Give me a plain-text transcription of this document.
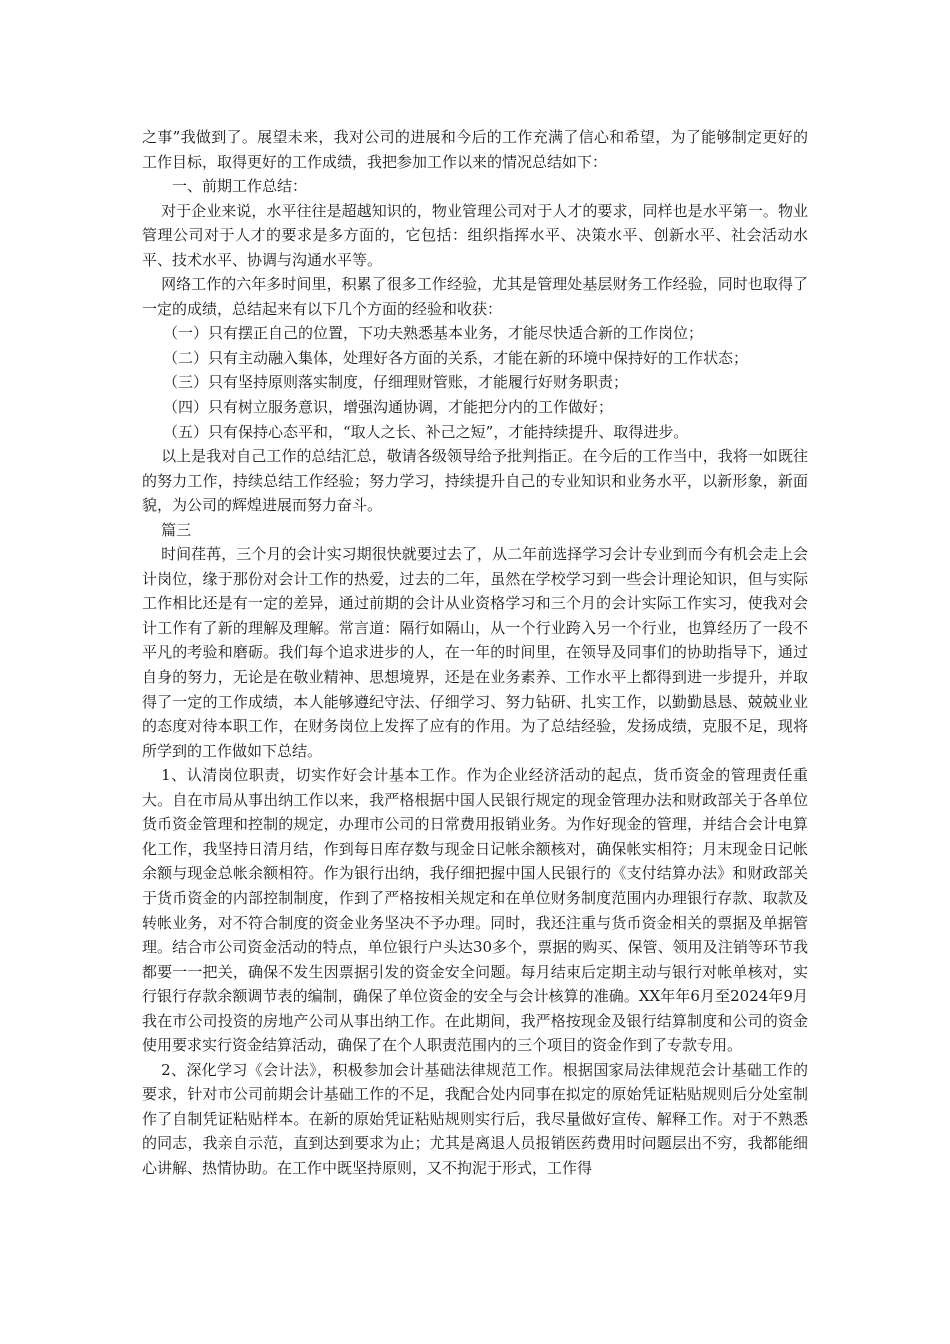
之事”我做到了。展望未来，我对公司的进展和今后的工作充满了信心和希望，为了能够制定更好的工作目标，取得更好的工作成绩，我把参加工作以来的情况总结如下：

一、前期工作总结：

对于企业来说，水平往往是超越知识的，物业管理公司对于人才的要求，同样也是水平第一。物业管理公司对于人才的要求是多方面的，它包括：组织指挥水平、决策水平、创新水平、社会活动水平、技术水平、协调与沟通水平等。

网络工作的六年多时间里，积累了很多工作经验，尤其是管理处基层财务工作经验，同时也取得了一定的成绩，总结起来有以下几个方面的经验和收获：

（一）只有摆正自己的位置，下功夫熟悉基本业务，才能尽快适合新的工作岗位；

（二）只有主动融入集体，处理好各方面的关系，才能在新的环境中保持好的工作状态；

（三）只有坚持原则落实制度，仔细理财管账，才能履行好财务职责；

（四）只有树立服务意识，增强沟通协调，才能把分内的工作做好；

（五）只有保持心态平和，“取人之长、补己之短”，才能持续提升、取得进步。

以上是我对自己工作的总结汇总，敬请各级领导给予批判指正。在今后的工作当中，我将一如既往的努力工作，持续总结工作经验；努力学习，持续提升自己的专业知识和业务水平，以新形象，新面貌，为公司的辉煌进展而努力奋斗。

篇三

时间荏苒，三个月的会计实习期很快就要过去了，从二年前选择学习会计专业到而今有机会走上会计岗位，缘于那份对会计工作的热爱，过去的二年，虽然在学校学习到一些会计理论知识，但与实际工作相比还是有一定的差异，通过前期的会计从业资格学习和三个月的会计实际工作实习，使我对会计工作有了新的理解及理解。常言道：隔行如隔山，从一个行业跨入另一个行业，也算经历了一段不平凡的考验和磨砺。我们每个追求进步的人，在一年的时间里，在领导及同事们的协助指导下，通过自身的努力，无论是在敬业精神、思想境界，还是在业务素养、工作水平上都得到进一步提升，并取得了一定的工作成绩，本人能够遵纪守法、仔细学习、努力钻研、扎实工作，以勤勤恳恳、兢兢业业的态度对待本职工作，在财务岗位上发挥了应有的作用。为了总结经验，发扬成绩，克服不足，现将所学到的工作做如下总结。

1、认清岗位职责，切实作好会计基本工作。作为企业经济活动的起点，货币资金的管理责任重大。自在市局从事出纳工作以来，我严格根据中国人民银行规定的现金管理办法和财政部关于各单位货币资金管理和控制的规定，办理市公司的日常费用报销业务。为作好现金的管理，并结合会计电算化工作，我坚持日清月结，作到每日库存数与现金日记帐余额核对，确保帐实相符；月末现金日记帐余额与现金总帐余额相符。作为银行出纳，我仔细把握中国人民银行的《支付结算办法》和财政部关于货币资金的内部控制制度，作到了严格按相关规定和在单位财务制度范围内办理银行存款、取款及转帐业务，对不符合制度的资金业务坚决不予办理。同时，我还注重与货币资金相关的票据及单据管理。结合市公司资金活动的特点，单位银行户头达30多个，票据的购买、保管、领用及注销等环节我都要一一把关，确保不发生因票据引发的资金安全问题。每月结束后定期主动与银行对帐单核对，实行银行存款余额调节表的编制，确保了单位资金的安全与会计核算的准确。XX年年6月至2024年9月我在市公司投资的房地产公司从事出纳工作。在此期间，我严格按现金及银行结算制度和公司的资金使用要求实行资金结算活动，确保了在个人职责范围内的三个项目的资金作到了专款专用。

2、深化学习《会计法》，积极参加会计基础法律规范工作。根据国家局法律规范会计基础工作的要求，针对市公司前期会计基础工作的不足，我配合处内同事在拟定的原始凭证粘贴规则后分处室制作了自制凭证粘贴样本。在新的原始凭证粘贴规则实行后，我尽量做好宣传、解释工作。对于不熟悉的同志，我亲自示范，直到达到要求为止；尤其是离退人员报销医药费用时问题层出不穷，我都能细心讲解、热情协助。在工作中既坚持原则，又不拘泥于形式，工作得
